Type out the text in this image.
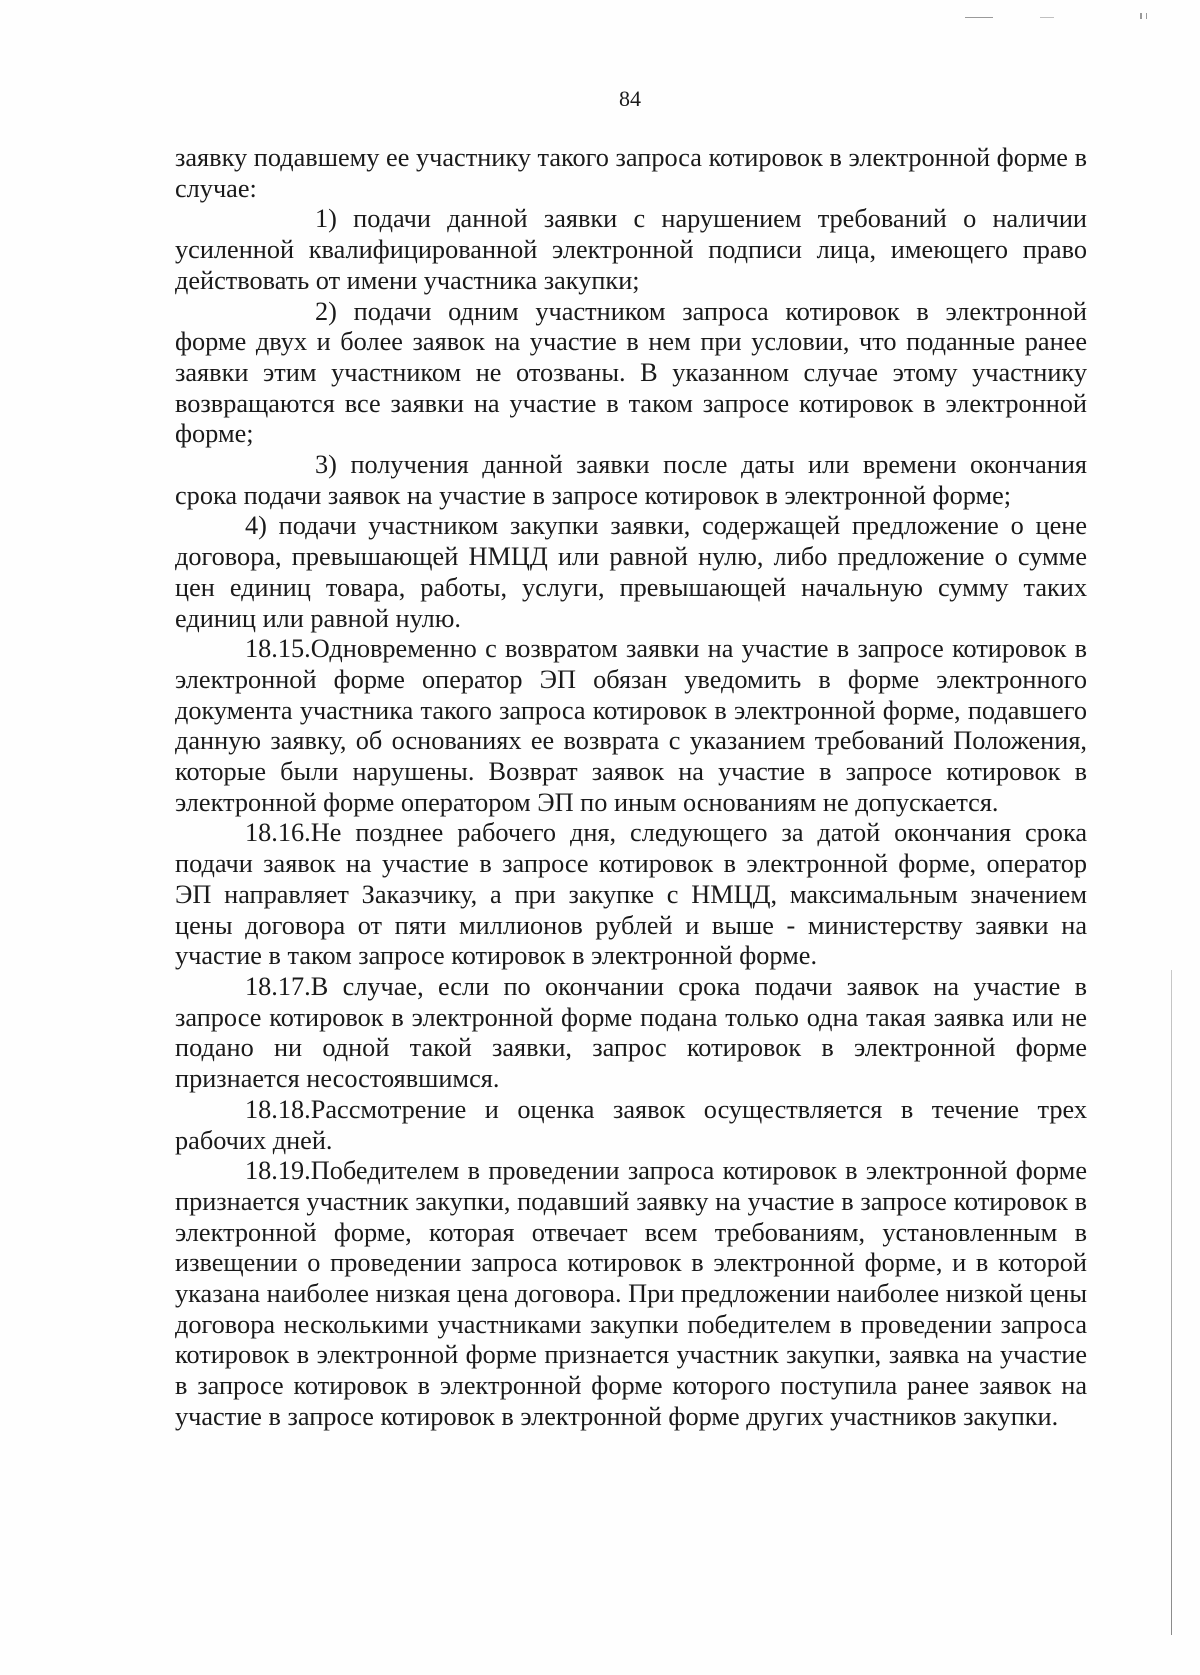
84

заявку подавшему ее участнику такого запроса котировок в электронной форме в случае:

1) подачи данной заявки с нарушением требований о наличии усиленной квалифицированной электронной подписи лица, имеющего право действовать от имени участника закупки;

2) подачи одним участником запроса котировок в электронной форме двух и более заявок на участие в нем при условии, что поданные ранее заявки этим участником не отозваны. В указанном случае этому участнику возвращаются все заявки на участие в таком запросе котировок в электронной форме;

3) получения данной заявки после даты или времени окончания срока подачи заявок на участие в запросе котировок в электронной форме;

4) подачи участником закупки заявки, содержащей предложение о цене договора, превышающей НМЦД или равной нулю, либо предложение о сумме цен единиц товара, работы, услуги, превышающей начальную сумму таких единиц или равной нулю.

18.15.Одновременно с возвратом заявки на участие в запросе котировок в электронной форме оператор ЭП обязан уведомить в форме электронного документа участника такого запроса котировок в электронной форме, подавшего данную заявку, об основаниях ее возврата с указанием требований Положения, которые были нарушены. Возврат заявок на участие в запросе котировок в электронной форме оператором ЭП по иным основаниям не допускается.

18.16.Не позднее рабочего дня, следующего за датой окончания срока подачи заявок на участие в запросе котировок в электронной форме, оператор ЭП направляет Заказчику, а при закупке с НМЦД, максимальным значением цены договора от пяти миллионов рублей и выше - министерству заявки на участие в таком запросе котировок в электронной форме.

18.17.В случае, если по окончании срока подачи заявок на участие в запросе котировок в электронной форме подана только одна такая заявка или не подано ни одной такой заявки, запрос котировок в электронной форме признается несостоявшимся.

18.18.Рассмотрение и оценка заявок осуществляется в течение трех рабочих дней.

18.19.Победителем в проведении запроса котировок в электронной форме признается участник закупки, подавший заявку на участие в запросе котировок в электронной форме, которая отвечает всем требованиям, установленным в извещении о проведении запроса котировок в электронной форме, и в которой указана наиболее низкая цена договора. При предложении наиболее низкой цены договора несколькими участниками закупки победителем в проведении запроса котировок в электронной форме признается участник закупки, заявка на участие в запросе котировок в электронной форме которого поступила ранее заявок на участие в запросе котировок в электронной форме других участников закупки.
